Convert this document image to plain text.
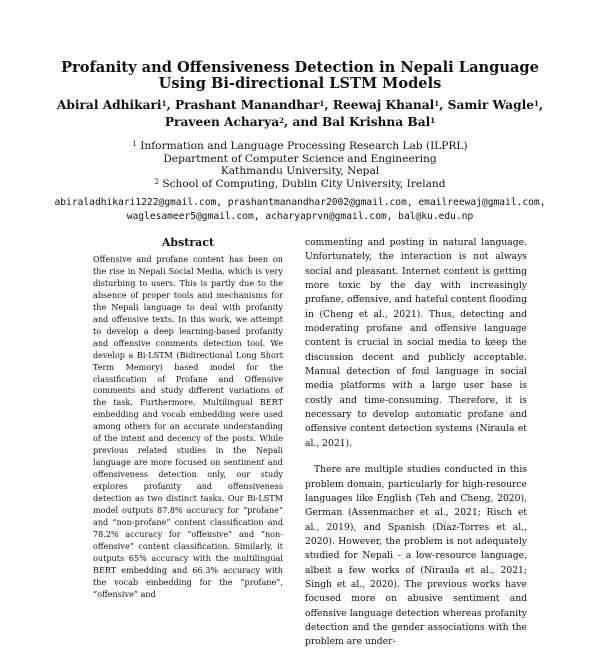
Profanity and Offensiveness Detection in Nepali Language
Using Bi-directional LSTM Models
Abiral Adhikari$^1$, Prashant Manandhar$^1$, Reewaj Khanal$^1$, Samir Wagle$^1$,
Praveen Acharya$^2$, and Bal Krishna Bal$^1$
$^1$ Information and Language Processing Research Lab (ILPRL)
Department of Computer Science and Engineering
Kathmandu University, Nepal
$^2$ School of Computing, Dublin City University, Ireland
abiraladhikari1222@gmail.com, prashantmanandhar2002@gmail.com, emailreewaj@gmail.com,
waglesameer5@gmail.com, acharyaprvn@gmail.com, bal@ku.edu.np
Abstract
Offensive and profane content has been on the rise in Nepali Social Media, which is very disturbing to users. This is partly due to the absence of proper tools and mechanisms for the Nepali language to deal with profanity and offensive texts. In this work, we attempt to develop a deep learning-based profanity and offensive comments detection tool. We develop a Bi-LSTM (Bidirectional Long Short Term Memory) based model for the classification of Profane and Offensive comments and study different variations of the task. Furthermore, Multilingual BERT embedding and vocab embedding were used among others for an accurate understanding of the intent and decency of the posts. While previous related studies in the Nepali language are more focused on sentiment and offensiveness detection only, our study explores profanity and offensiveness detection as two distinct tasks. Our Bi-LSTM model outputs 87.8% accuracy for “profane” and “non-profane” content classification and 78.2% accuracy for “offensive” and “non-offensive” content classification. Similarly, it outputs 65% accuracy with the multilingual BERT embedding and 66.3% accuracy with the vocab embedding for the “profane”, “offensive” and

commenting and posting in natural language. Unfortunately, the interaction is not always social and pleasant. Internet content is getting more toxic by the day with increasingly profane, offensive, and hateful content flooding in (Cheng et al., 2021). Thus, detecting and moderating profane and offensive language content is crucial in social media to keep the discussion decent and publicly acceptable. Manual detection of foul language in social media platforms with a large user base is costly and time-consuming. Therefore, it is necessary to develop automatic profane and offensive content detection systems (Niraula et al., 2021).

There are multiple studies conducted in this problem domain, particularly for high-resource languages like English (Teh and Cheng, 2020), German (Assenmacher et al., 2021; Risch et al., 2019), and Spanish (Díaz-Torres et al., 2020). However, the problem is not adequately studied for Nepali - a low-resource language, albeit a few works of (Niraula et al., 2021; Singh et al., 2020). The previous works have focused more on abusive sentiment and offensive language detection whereas profanity detection and the gender associations with the problem are under-
